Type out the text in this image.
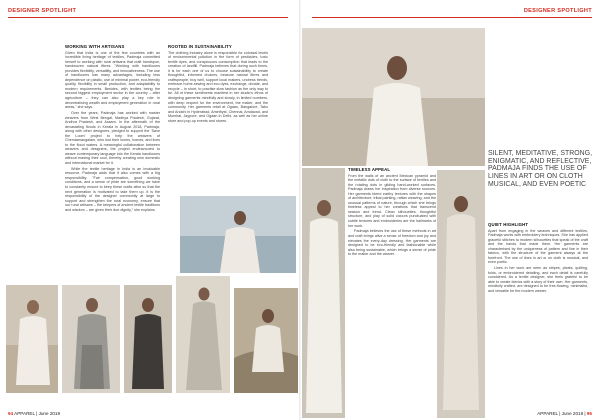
DESIGNER SPOTLIGHT	DESIGNER SPOTLIGHT
WORKING WITH ARTISANS

Given that India is one of the few countries with an incredible living heritage of textiles, Padmaja committed herself to working with rural artisans that craft handspun, handwoven natural fibres. "Working with handlooms provides flexibility, versatility, and innovativeness. The use of handlooms has many advantages, including less dependence on plastic, use of minimal power, eco-friendly quality, flexibility in small production, and adaptability to modern requirements. Besides, with textiles being the second biggest employment sector in the country – after agriculture – they can also play a key role in decentralising wealth and employment generation in rural areas," she says.

Over the years, Padmaja has worked with master weavers from West Bengal, Madhya Pradesh, Gujarat, Andhra Pradesh, and Assam. In the aftermath of the devastating floods in Kerala in August 2018, Padmaja, along with other designers, pledged to support the 'Save the Loom' project to help the weavers of Chendamangalam, who lost their looms, homes, and lives to the flood waters. A meaningful collaboration between weavers and designers, the project endeavoured to weave contemporary language into the Kerala handlooms without erasing their soul, thereby creating new domestic and international market for it.

While the textile heritage in India is an invaluable resource, Padmaja adds that it also comes with a big responsibility. "Fair compensation, good working conditions, and a sense of pride are something we have to constantly ensure to keep these crafts alive so that the next generation is motivated to take them up. It is the responsibility of the designer community at large to support and strengthen the rural economy, ensure that our rural artisans – the keepers of ancient textile traditions and wisdom – are given their due dignity," she explains.

ROOTED IN SUSTAINABILITY

The clothing industry alone is responsible for colossal levels of environmental pollution in the form of pesticides, toxic textile dyes, and conspicuous consumption that leads to the creation of landfill. Padmaja believes that during such times, it is for each one of us to choose sustainability to create thoughtful, informed choices, treasure natural fibres and craftspeople, buy well, support local makers, undress trends, embrace home-sewing and eco dyes, exchange, donate, and recycle – in short, to practise slow fashion as the only way to be. All of these sentiments manifest in her studio's ethos of designing garments mindfully and slowly, in limited numbers, with deep respect for the environment, the maker, and the community. Her garments retail at Ogaan, Bangalore, Tabu and Anokhi in Hyderabad, Amethyst, Chennai, Amdavad, and Mumbai, Jaypore, and Ogaan in Delhi, as well as her online store and pop-up events and stores.

SILENT, MEDITATIVE, STRONG, ENIGMATIC, AND REFLECTIVE, PADMAJA FINDS THE USE OF LINES IN ART OR ON CLOTH MUSICAL, AND EVEN POETIC
TIMELESS APPEAL

From the walls of an ancient Mexican pyramid and the metallic dots of cloth to the surface of textiles and the rotating dots in gilding hand-worked surfaces, Padmaja draws her inspiration from diverse sources. Her garments blend earthy textures with the shapes of architecture, tribal painting, rattan weaving, and the unusual patterns of nature, through which she brings timeless appeal to her creations that transcend season and trend. Clean silhouettes, thoughtful structure, and play of solid colours punctuated with subtle textures and embroideries are the hallmarks of her work.

Padmaja believes the use of these methods in art and craft brings alive a sense of freedom and joy and elevates the every-day dressing. Her garments are designed to be eco-friendly and fashionable while also being sustainable, which brings a sense of pride to the maker and the wearer.

QUIET HIGHLIGHT

Apart from engaging in the weaves and different textiles, Padmaja works with embroidery techniques. She has applied graceful stitches to modern silhouettes that speak of the craft and the hands that made them. Her garments are characterised by the uniqueness of pattern and line in their fabrics, with the structure of the garment always at the forefront. The use of lines in art or on cloth is musical, and even poetic.

Lines in her work are seen as stripes, pleats, quilting, folds, or embroidered detailing, and each detail is carefully considered. As a textile designer, she feels grateful to be able to create fabrics with a story of their own. Her garments, mindfully crafted, are designed to be free-flowing, minimalist, and versatile for the modern wearer.

94 APPAREL | June 2019	APPAREL | June 2019 | 95
